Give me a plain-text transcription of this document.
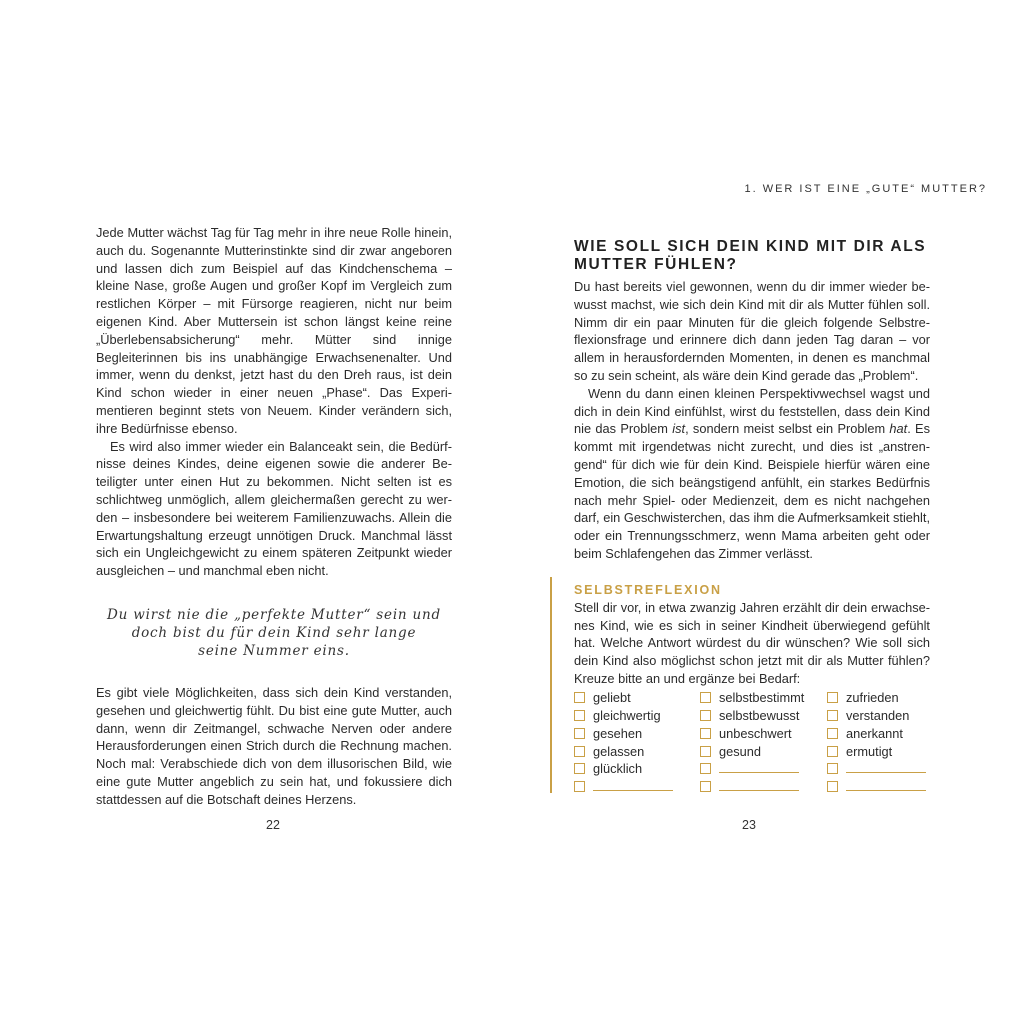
1. WER IST EINE „GUTE“ MUTTER?

Jede Mutter wächst Tag für Tag mehr in ihre neue Rolle hinein, auch du. Sogenannte Mutterinstinkte sind dir zwar angeboren und lassen dich zum Beispiel auf das Kindchenschema – kleine Nase, große Augen und großer Kopf im Vergleich zum restlichen Körper – mit Fürsorge reagieren, nicht nur beim eigenen Kind. Aber Muttersein ist schon längst keine reine „Überlebensabsicherung“ mehr. Mütter sind innige Begleiterinnen bis ins unabhängige Erwachsenenalter. Und immer, wenn du denkst, jetzt hast du den Dreh raus, ist dein Kind schon wieder in einer neuen „Phase“. Das Experimentieren beginnt stets von Neuem. Kinder verändern sich, ihre Bedürfnisse ebenso.

Es wird also immer wieder ein Balanceakt sein, die Bedürfnisse deines Kindes, deine eigenen sowie die anderer Beteiligter unter einen Hut zu bekommen. Nicht selten ist es schlichtweg unmöglich, allem gleichermaßen gerecht zu werden – insbesondere bei weiterem Familienzuwachs. Allein die Erwartungshaltung erzeugt unnötigen Druck. Manchmal lässt sich ein Ungleichgewicht zu einem späteren Zeitpunkt wieder ausgleichen – und manchmal eben nicht.

Du wirst nie die „perfekte Mutter“ sein und
doch bist du für dein Kind sehr lange
seine Nummer eins.

Es gibt viele Möglichkeiten, dass sich dein Kind verstanden, gesehen und gleichwertig fühlt. Du bist eine gute Mutter, auch dann, wenn dir Zeitmangel, schwache Nerven oder andere Herausforderungen einen Strich durch die Rechnung machen. Noch mal: Verabschiede dich von dem illusorischen Bild, wie eine gute Mutter angeblich zu sein hat, und fokussiere dich stattdessen auf die Botschaft deines Herzens.

WIE SOLL SICH DEIN KIND MIT DIR ALS MUTTER FÜHLEN?

Du hast bereits viel gewonnen, wenn du dir immer wieder bewusst machst, wie sich dein Kind mit dir als Mutter fühlen soll. Nimm dir ein paar Minuten für die gleich folgende Selbstreflexionsfrage und erinnere dich dann jeden Tag daran – vor allem in herausfordernden Momenten, in denen es manchmal so zu sein scheint, als wäre dein Kind gerade das „Problem“.

Wenn du dann einen kleinen Perspektivwechsel wagst und dich in dein Kind einfühlst, wirst du feststellen, dass dein Kind nie das Problem ist, sondern meist selbst ein Problem hat. Es kommt mit irgendetwas nicht zurecht, und dies ist „anstrengend“ für dich wie für dein Kind. Beispiele hierfür wären eine Emotion, die sich beängstigend anfühlt, ein starkes Bedürfnis nach mehr Spiel- oder Medienzeit, dem es nicht nachgehen darf, ein Geschwisterchen, das ihm die Aufmerksamkeit stiehlt, oder ein Trennungsschmerz, wenn Mama arbeiten geht oder beim Schlafengehen das Zimmer verlässt.

SELBSTREFLEXION

Stell dir vor, in etwa zwanzig Jahren erzählt dir dein erwachsenes Kind, wie es sich in seiner Kindheit überwiegend gefühlt hat. Welche Antwort würdest du dir wünschen? Wie soll sich dein Kind also möglichst schon jetzt mit dir als Mutter fühlen? Kreuze bitte an und ergänze bei Bedarf:

geliebt	selbstbestimmt	zufrieden
gleichwertig	selbstbewusst	verstanden
gesehen	unbeschwert	anerkannt
gelassen	gesund	ermutigt
glücklich
22	23
